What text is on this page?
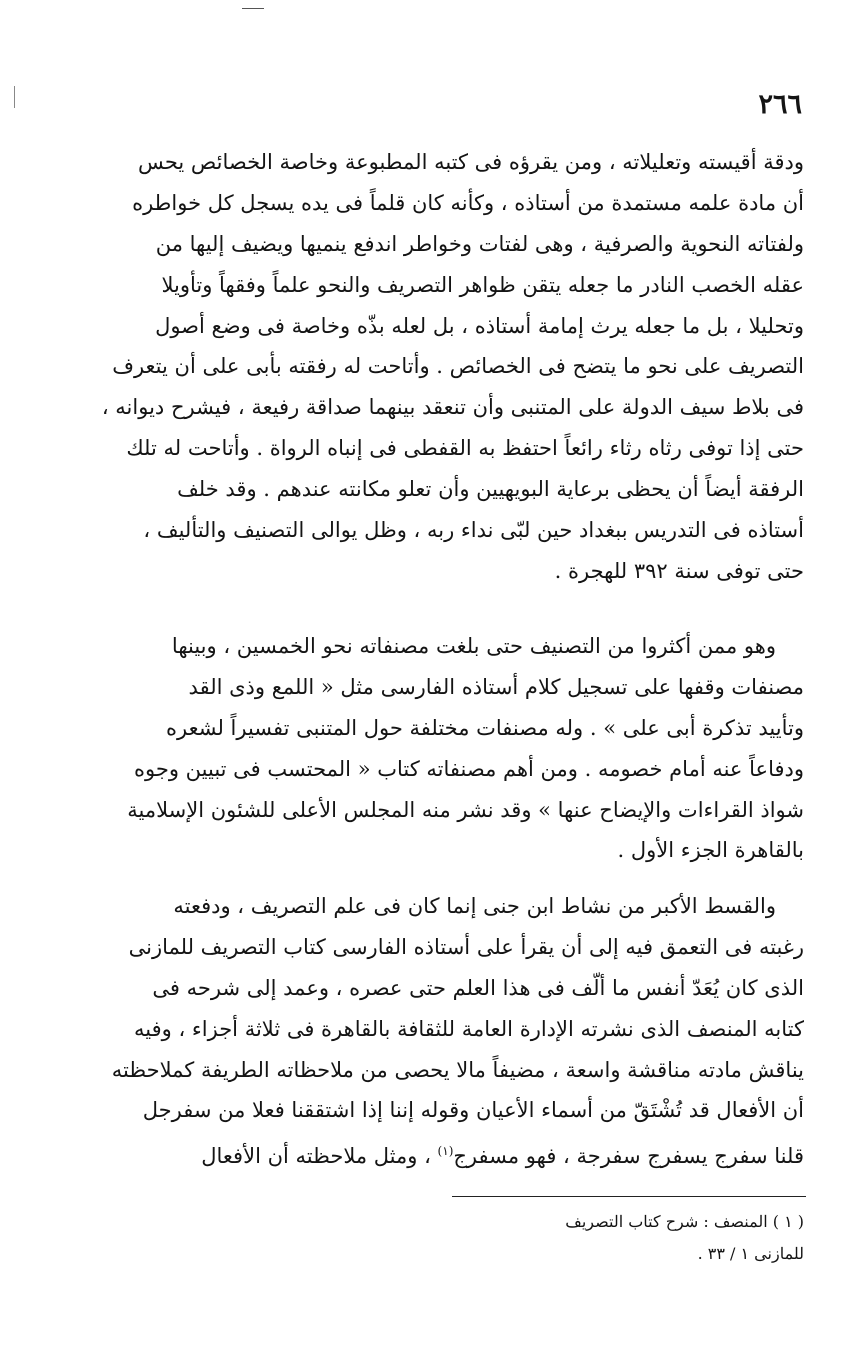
٢٦٦
ودقة أقيسته وتعليلاته ، ومن يقرؤه فى كتبه المطبوعة وخاصة الخصائص يحس
أن مادة علمه مستمدة من أستاذه ، وكأنه كان قلماً فى يده يسجل كل خواطره
ولفتاته النحوية والصرفية ، وهى لفتات وخواطر اندفع ينميها ويضيف إليها من
عقله الخصب النادر ما جعله يتقن ظواهر التصريف والنحو علماً وفقهاً وتأويلا
وتحليلا ، بل ما جعله يرث إمامة أستاذه ، بل لعله بذّه وخاصة فى وضع أصول
التصريف على نحو ما يتضح فى الخصائص . وأتاحت له رفقته بأبى على أن يتعرف
فى بلاط سيف الدولة على المتنبى وأن تنعقد بينهما صداقة رفيعة ، فيشرح ديوانه ،
حتى إذا توفى رثاه رثاء رائعاً احتفظ به القفطى فى إنباه الرواة . وأتاحت له تلك
الرفقة أيضاً أن يحظى برعاية البويهيين وأن تعلو مكانته عندهم . وقد خلف
أستاذه فى التدريس ببغداد حين لبّى نداء ربه ، وظل يوالى التصنيف والتأليف ،
حتى توفى سنة ٣٩٢ للهجرة .
وهو ممن أكثروا من التصنيف حتى بلغت مصنفاته نحو الخمسين ، وبينها
مصنفات وقفها على تسجيل كلام أستاذه الفارسى مثل « اللمع وذى القد
وتأييد تذكرة أبى على » . وله مصنفات مختلفة حول المتنبى تفسيراً لشعره
ودفاعاً عنه أمام خصومه . ومن أهم مصنفاته كتاب « المحتسب فى تبيين وجوه
شواذ القراءات والإيضاح عنها » وقد نشر منه المجلس الأعلى للشئون الإسلامية
بالقاهرة الجزء الأول .
والقسط الأكبر من نشاط ابن جنى إنما كان فى علم التصريف ، ودفعته
رغبته فى التعمق فيه إلى أن يقرأ على أستاذه الفارسى كتاب التصريف للمازنى
الذى كان يُعَدّ أنفس ما ألّف فى هذا العلم حتى عصره ، وعمد إلى شرحه فى
كتابه المنصف الذى نشرته الإدارة العامة للثقافة بالقاهرة فى ثلاثة أجزاء ، وفيه
يناقش مادته مناقشة واسعة ، مضيفاً مالا يحصى من ملاحظاته الطريفة كملاحظته
أن الأفعال قد تُشْتَقّ من أسماء الأعيان وقوله إننا إذا اشتققنا فعلا من سفرجل
قلنا سفرج يسفرج سفرجة ، فهو مسفرج$^{(١)}$ ، ومثل ملاحظته أن الأفعال
( ١ ) المنصف : شرح كتاب التصريف
للمازنى ١ / ٣٣ .
